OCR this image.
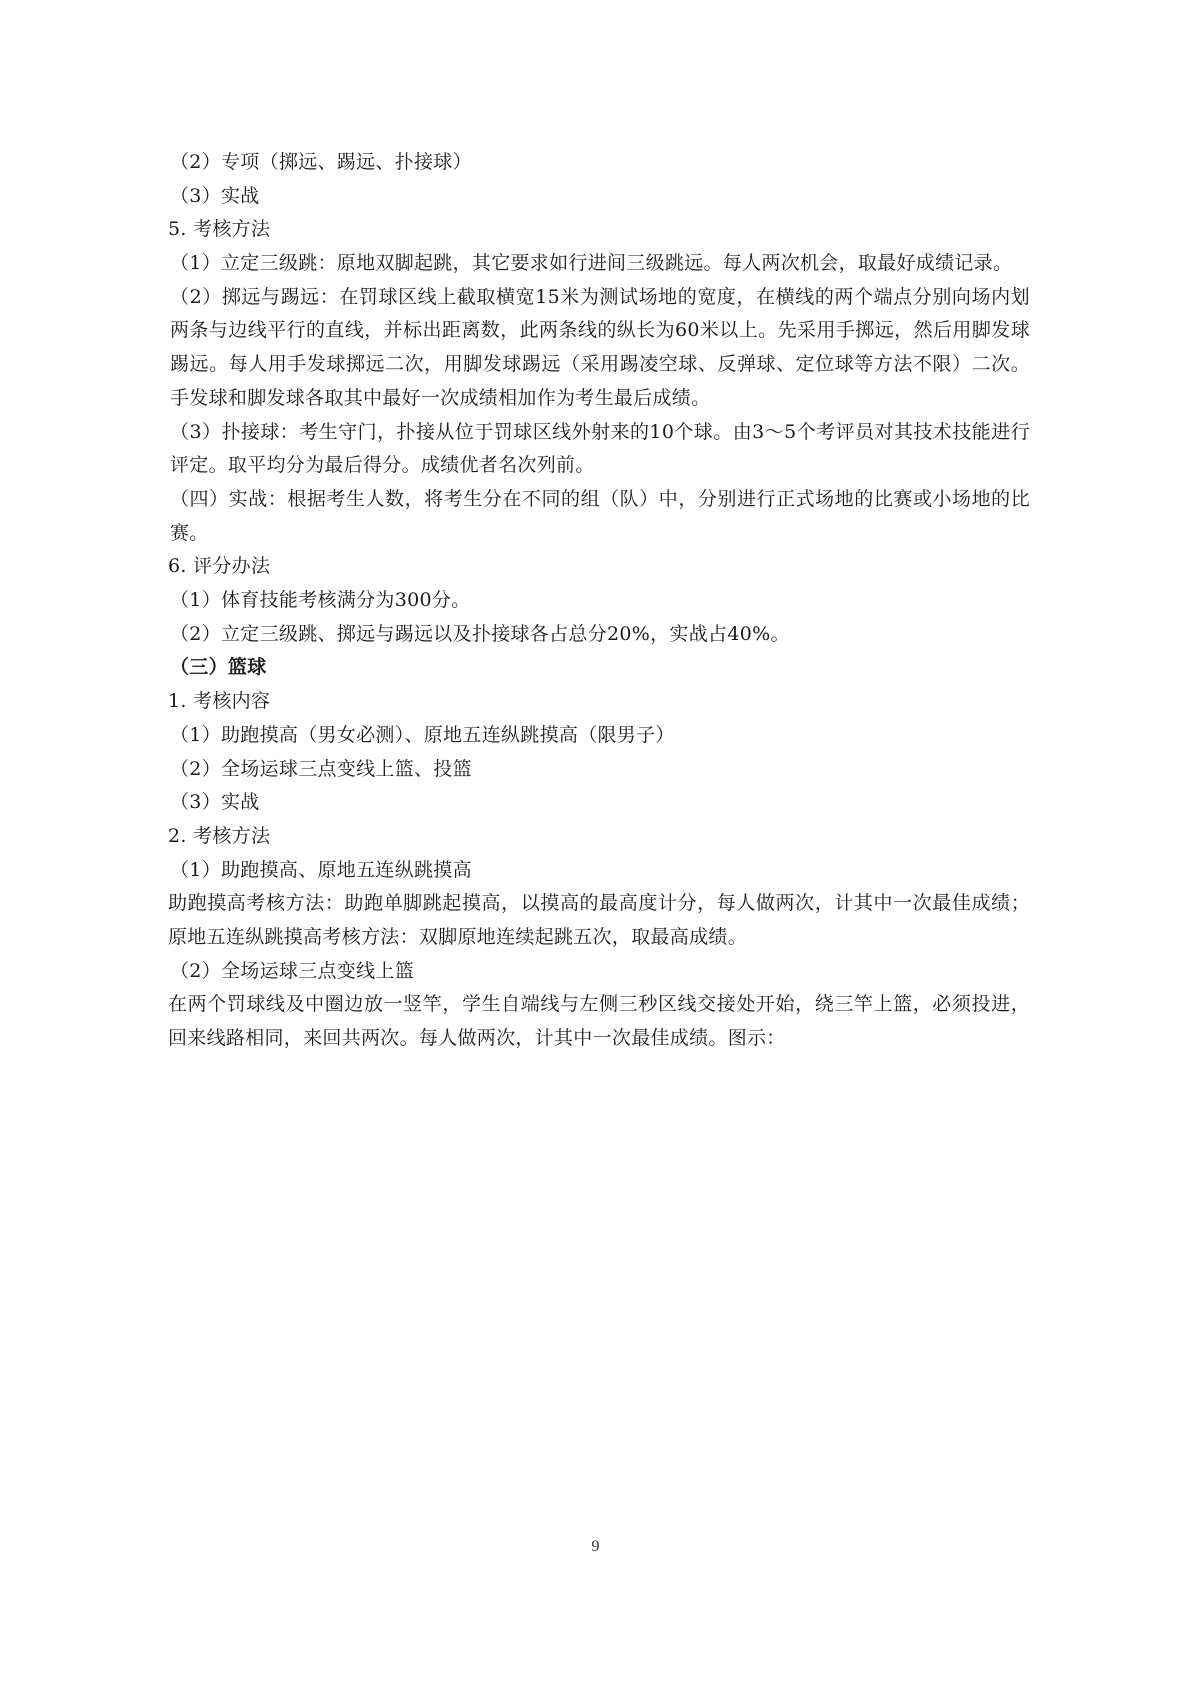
（2）专项（掷远、踢远、扑接球）
（3）实战
5. 考核方法
（1）立定三级跳：原地双脚起跳，其它要求如行进间三级跳远。每人两次机会，取最好成绩记录。
（2）掷远与踢远：在罚球区线上截取横宽15米为测试场地的宽度，在横线的两个端点分别向场内划两条与边线平行的直线，并标出距离数，此两条线的纵长为60米以上。先采用手掷远，然后用脚发球踢远。每人用手发球掷远二次，用脚发球踢远（采用踢凌空球、反弹球、定位球等方法不限）二次。手发球和脚发球各取其中最好一次成绩相加作为考生最后成绩。
（3）扑接球：考生守门，扑接从位于罚球区线外射来的10个球。由3～5个考评员对其技术技能进行评定。取平均分为最后得分。成绩优者名次列前。
（四）实战：根据考生人数，将考生分在不同的组（队）中，分别进行正式场地的比赛或小场地的比赛。
6. 评分办法
（1）体育技能考核满分为300分。
（2）立定三级跳、掷远与踢远以及扑接球各占总分20%，实战占40%。
（三）篮球
1. 考核内容
（1）助跑摸高（男女必测）、原地五连纵跳摸高（限男子）
（2）全场运球三点变线上篮、投篮
（3）实战
2. 考核方法
（1）助跑摸高、原地五连纵跳摸高
助跑摸高考核方法：助跑单脚跳起摸高，以摸高的最高度计分，每人做两次，计其中一次最佳成绩；原地五连纵跳摸高考核方法：双脚原地连续起跳五次，取最高成绩。
（2）全场运球三点变线上篮
在两个罚球线及中圈边放一竖竿，学生自端线与左侧三秒区线交接处开始，绕三竿上篮，必须投进，回来线路相同，来回共两次。每人做两次，计其中一次最佳成绩。图示：
9
